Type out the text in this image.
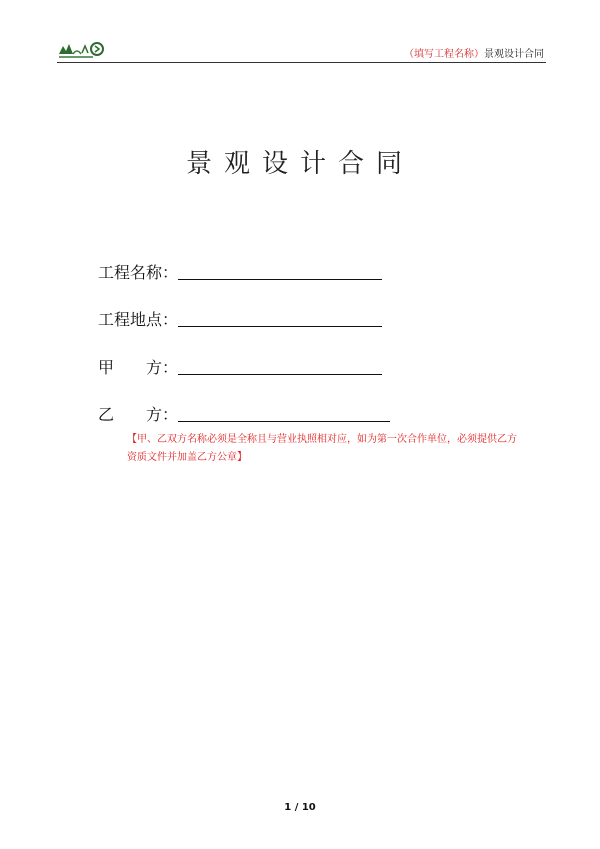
（填写工程名称）景观设计合同
景观设计合同
工程名称：
工程地点：
甲　　方：
乙　　方：
【甲、乙双方名称必须是全称且与营业执照相对应，如为第一次合作单位，必须提供乙方
资质文件并加盖乙方公章】
1 / 10
